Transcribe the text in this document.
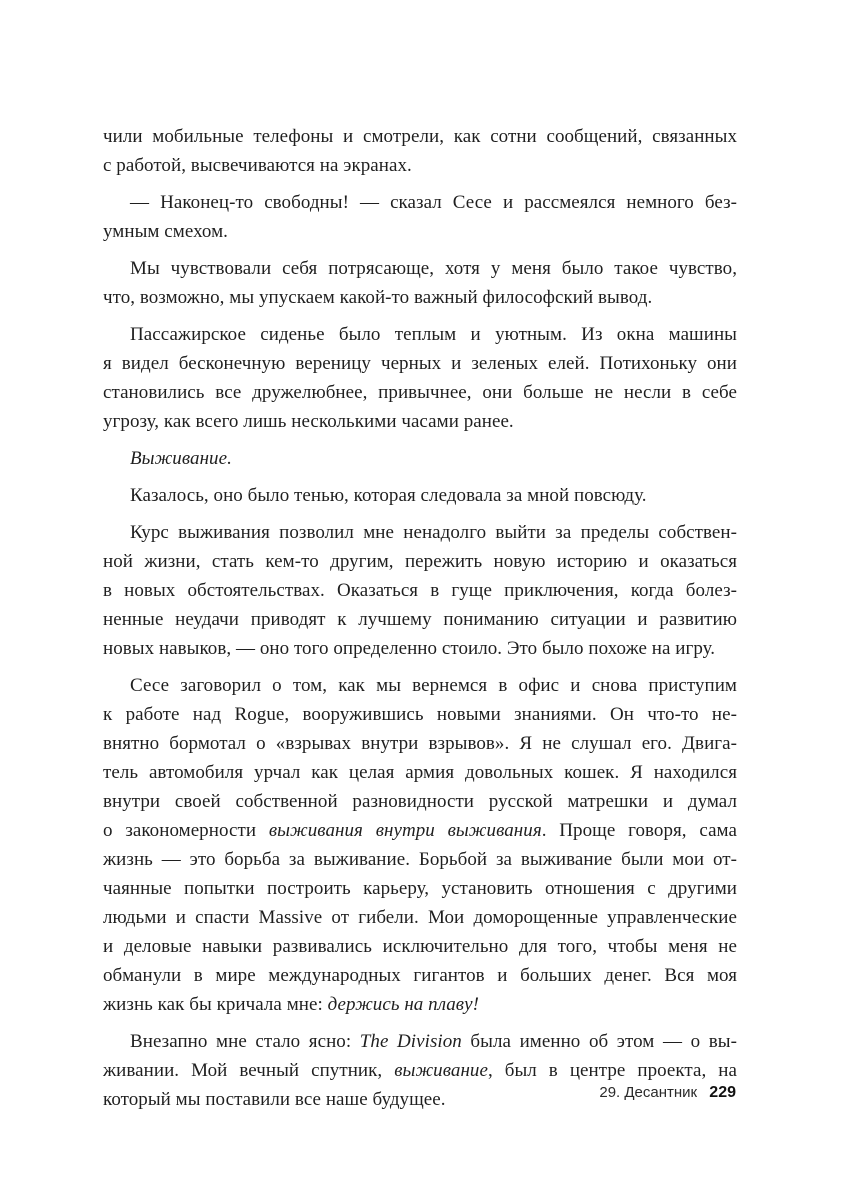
чили мобильные телефоны и смотрели, как сотни сообщений, связанных
с работой, высвечиваются на экранах.

— Наконец-то свободны! — сказал Сесе и рассмеялся немного без-
умным смехом.

Мы чувствовали себя потрясающе, хотя у меня было такое чувство,
что, возможно, мы упускаем какой-то важный философский вывод.

Пассажирское сиденье было теплым и уютным. Из окна машины
я видел бесконечную вереницу черных и зеленых елей. Потихоньку они
становились все дружелюбнее, привычнее, они больше не несли в себе
угрозу, как всего лишь несколькими часами ранее.

Выживание.

Казалось, оно было тенью, которая следовала за мной повсюду.

Курс выживания позволил мне ненадолго выйти за пределы собствен-
ной жизни, стать кем-то другим, пережить новую историю и оказаться
в новых обстоятельствах. Оказаться в гуще приключения, когда болез-
ненные неудачи приводят к лучшему пониманию ситуации и развитию
новых навыков, — оно того определенно стоило. Это было похоже на игру.

Сесе заговорил о том, как мы вернемся в офис и снова приступим
к работе над Rogue, вооружившись новыми знаниями. Он что-то не-
внятно бормотал о «взрывах внутри взрывов». Я не слушал его. Двига-
тель автомобиля урчал как целая армия довольных кошек. Я находился
внутри своей собственной разновидности русской матрешки и думал
о закономерности выживания внутри выживания. Проще говоря, сама
жизнь — это борьба за выживание. Борьбой за выживание были мои от-
чаянные попытки построить карьеру, установить отношения с другими
людьми и спасти Massive от гибели. Мои доморощенные управленческие
и деловые навыки развивались исключительно для того, чтобы меня не
обманули в мире международных гигантов и больших денег. Вся моя
жизнь как бы кричала мне: держись на плаву!

Внезапно мне стало ясно: The Division была именно об этом — о вы-
живании. Мой вечный спутник, выживание, был в центре проекта, на
который мы поставили все наше будущее.	29. Десантник 229
